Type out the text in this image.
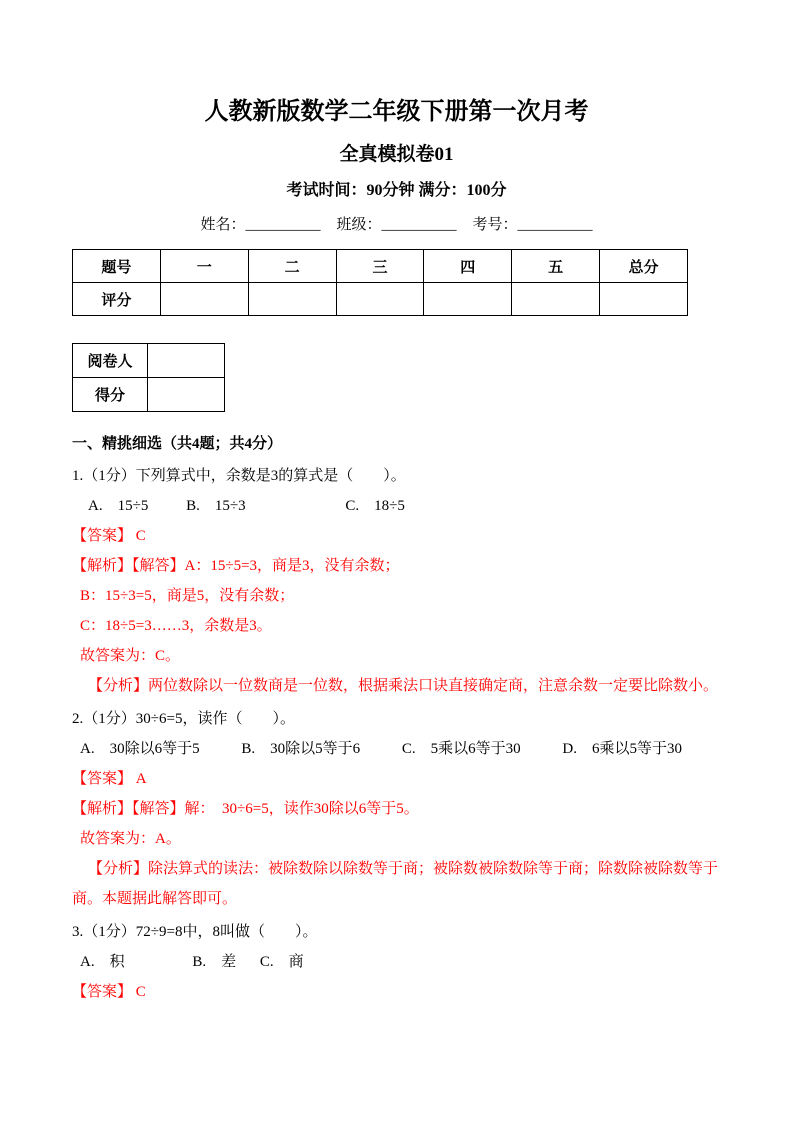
人教新版数学二年级下册第一次月考
全真模拟卷01
考试时间：90分钟 满分：100分
姓名：__________ 班级：__________ 考号：__________
题号	一	二	三	四	五	总分
评分						
阅卷人	
得分	
一、精挑细选（共4题；共4分）

1.（1分）下列算式中，余数是3的算式是（　　）。

A.　15÷5	B.　15÷3	C.　18÷5

【答案】 C

【解析】【解答】A：15÷5=3，商是3，没有余数；

B：15÷3=5，商是5，没有余数；

C：18÷5=3……3，余数是3。

故答案为：C。

【分析】两位数除以一位数商是一位数，根据乘法口诀直接确定商，注意余数一定要比除数小。

2.（1分）30÷6=5，读作（　　）。

A.　30除以6等于5	B.　30除以5等于6	C.　5乘以6等于30	D.　6乘以5等于30

【答案】 A

【解析】【解答】解：　30÷6=5，读作30除以6等于5。

故答案为：A。

【分析】除法算式的读法：被除数除以除数等于商；被除数被除数除等于商；除数除被除数等于商。本题据此解答即可。

3.（1分）72÷9=8中，8叫做（　　）。

A.　积	B.　差 C.　商

【答案】 C
